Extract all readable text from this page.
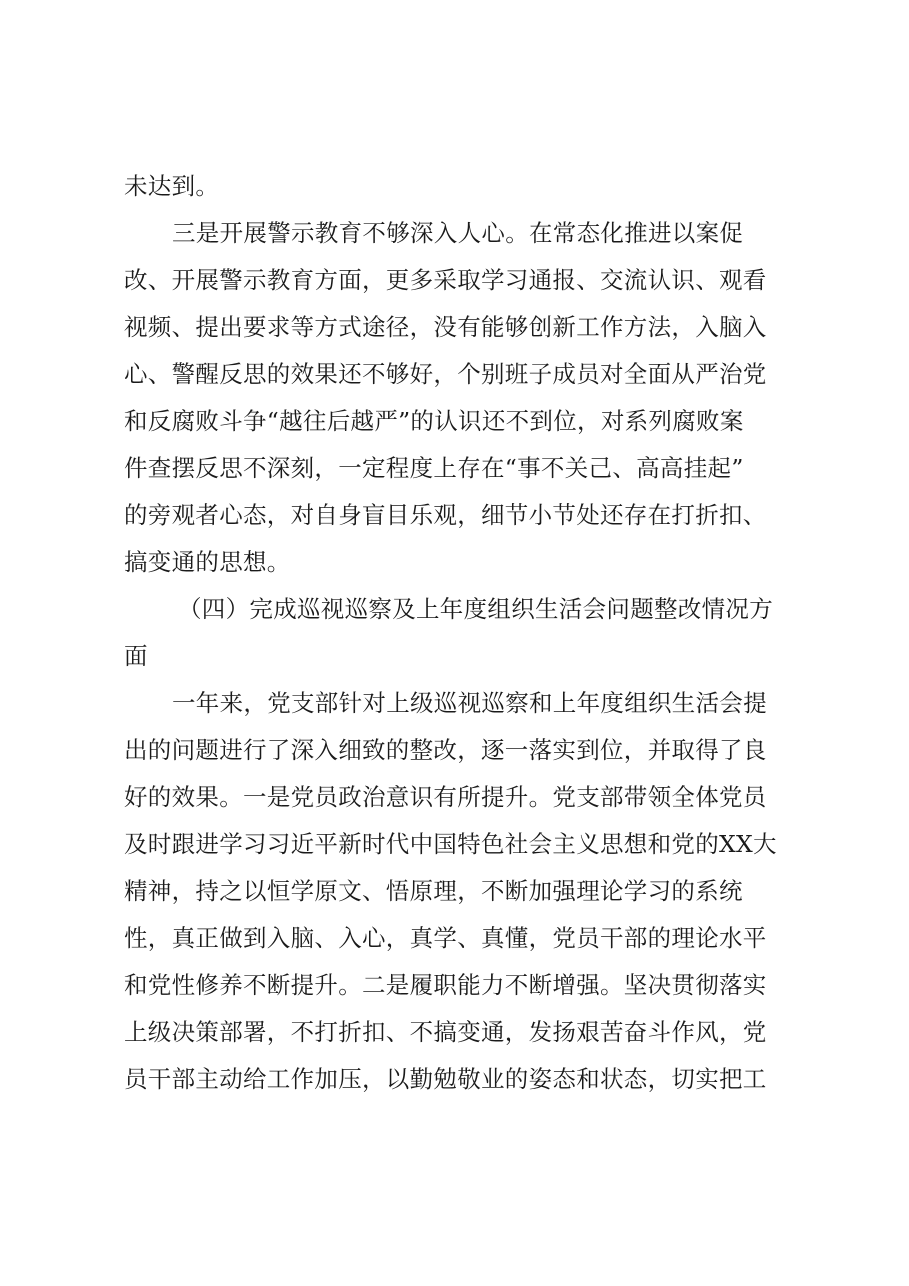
未达到。
三是开展警示教育不够深入人心。在常态化推进以案促
改、开展警示教育方面，更多采取学习通报、交流认识、观看
视频、提出要求等方式途径，没有能够创新工作方法，入脑入
心、警醒反思的效果还不够好，个别班子成员对全面从严治党
和反腐败斗争“越往后越严”的认识还不到位，对系列腐败案
件查摆反思不深刻，一定程度上存在“事不关己、高高挂起”
的旁观者心态，对自身盲目乐观，细节小节处还存在打折扣、
搞变通的思想。
（四）完成巡视巡察及上年度组织生活会问题整改情况方
面
一年来，党支部针对上级巡视巡察和上年度组织生活会提
出的问题进行了深入细致的整改，逐一落实到位，并取得了良
好的效果。一是党员政治意识有所提升。党支部带领全体党员
及时跟进学习习近平新时代中国特色社会主义思想和党的XX大
精神，持之以恒学原文、悟原理，不断加强理论学习的系统
性，真正做到入脑、入心，真学、真懂，党员干部的理论水平
和党性修养不断提升。二是履职能力不断增强。坚决贯彻落实
上级决策部署，不打折扣、不搞变通，发扬艰苦奋斗作风，党
员干部主动给工作加压，以勤勉敬业的姿态和状态，切实把工
